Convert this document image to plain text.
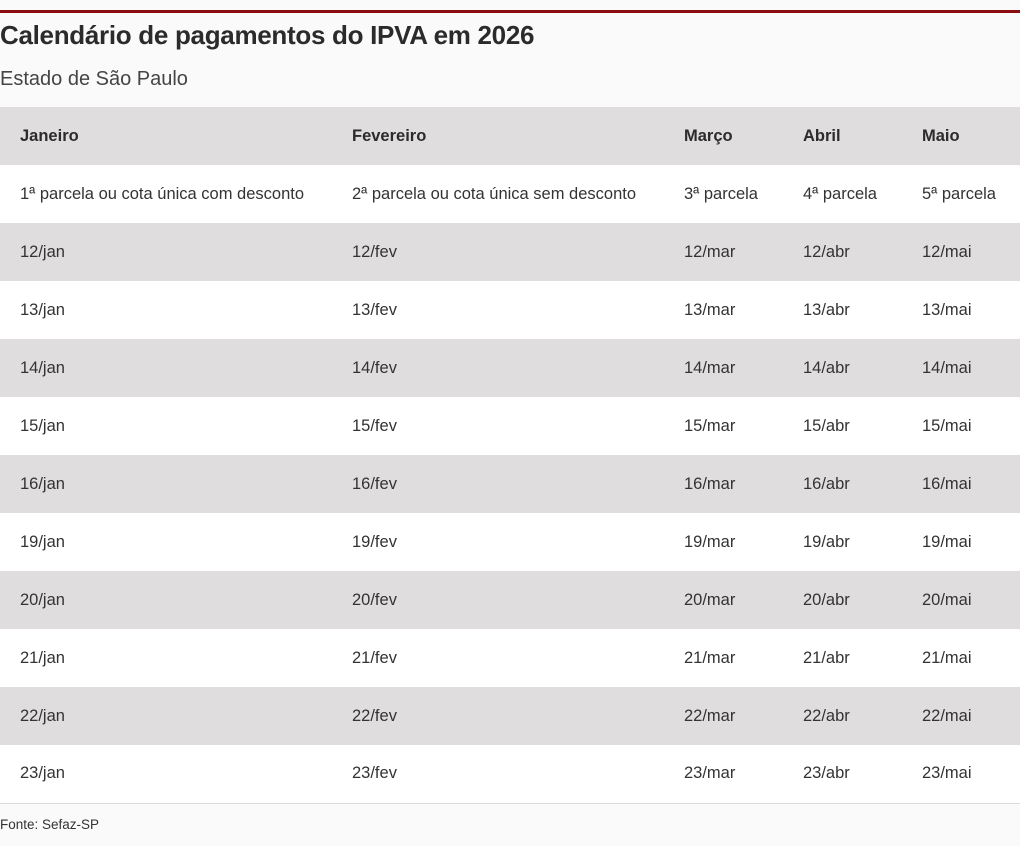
Calendário de pagamentos do IPVA em 2026
Estado de São Paulo
Janeiro	Fevereiro	Março	Abril	Maio
1ª parcela ou cota única com desconto	2ª parcela ou cota única sem desconto	3ª parcela	4ª parcela	5ª parcela
12/jan	12/fev	12/mar	12/abr	12/mai
13/jan	13/fev	13/mar	13/abr	13/mai
14/jan	14/fev	14/mar	14/abr	14/mai
15/jan	15/fev	15/mar	15/abr	15/mai
16/jan	16/fev	16/mar	16/abr	16/mai
19/jan	19/fev	19/mar	19/abr	19/mai
20/jan	20/fev	20/mar	20/abr	20/mai
21/jan	21/fev	21/mar	21/abr	21/mai
22/jan	22/fev	22/mar	22/abr	22/mai
23/jan	23/fev	23/mar	23/abr	23/mai

Fonte: Sefaz-SP
